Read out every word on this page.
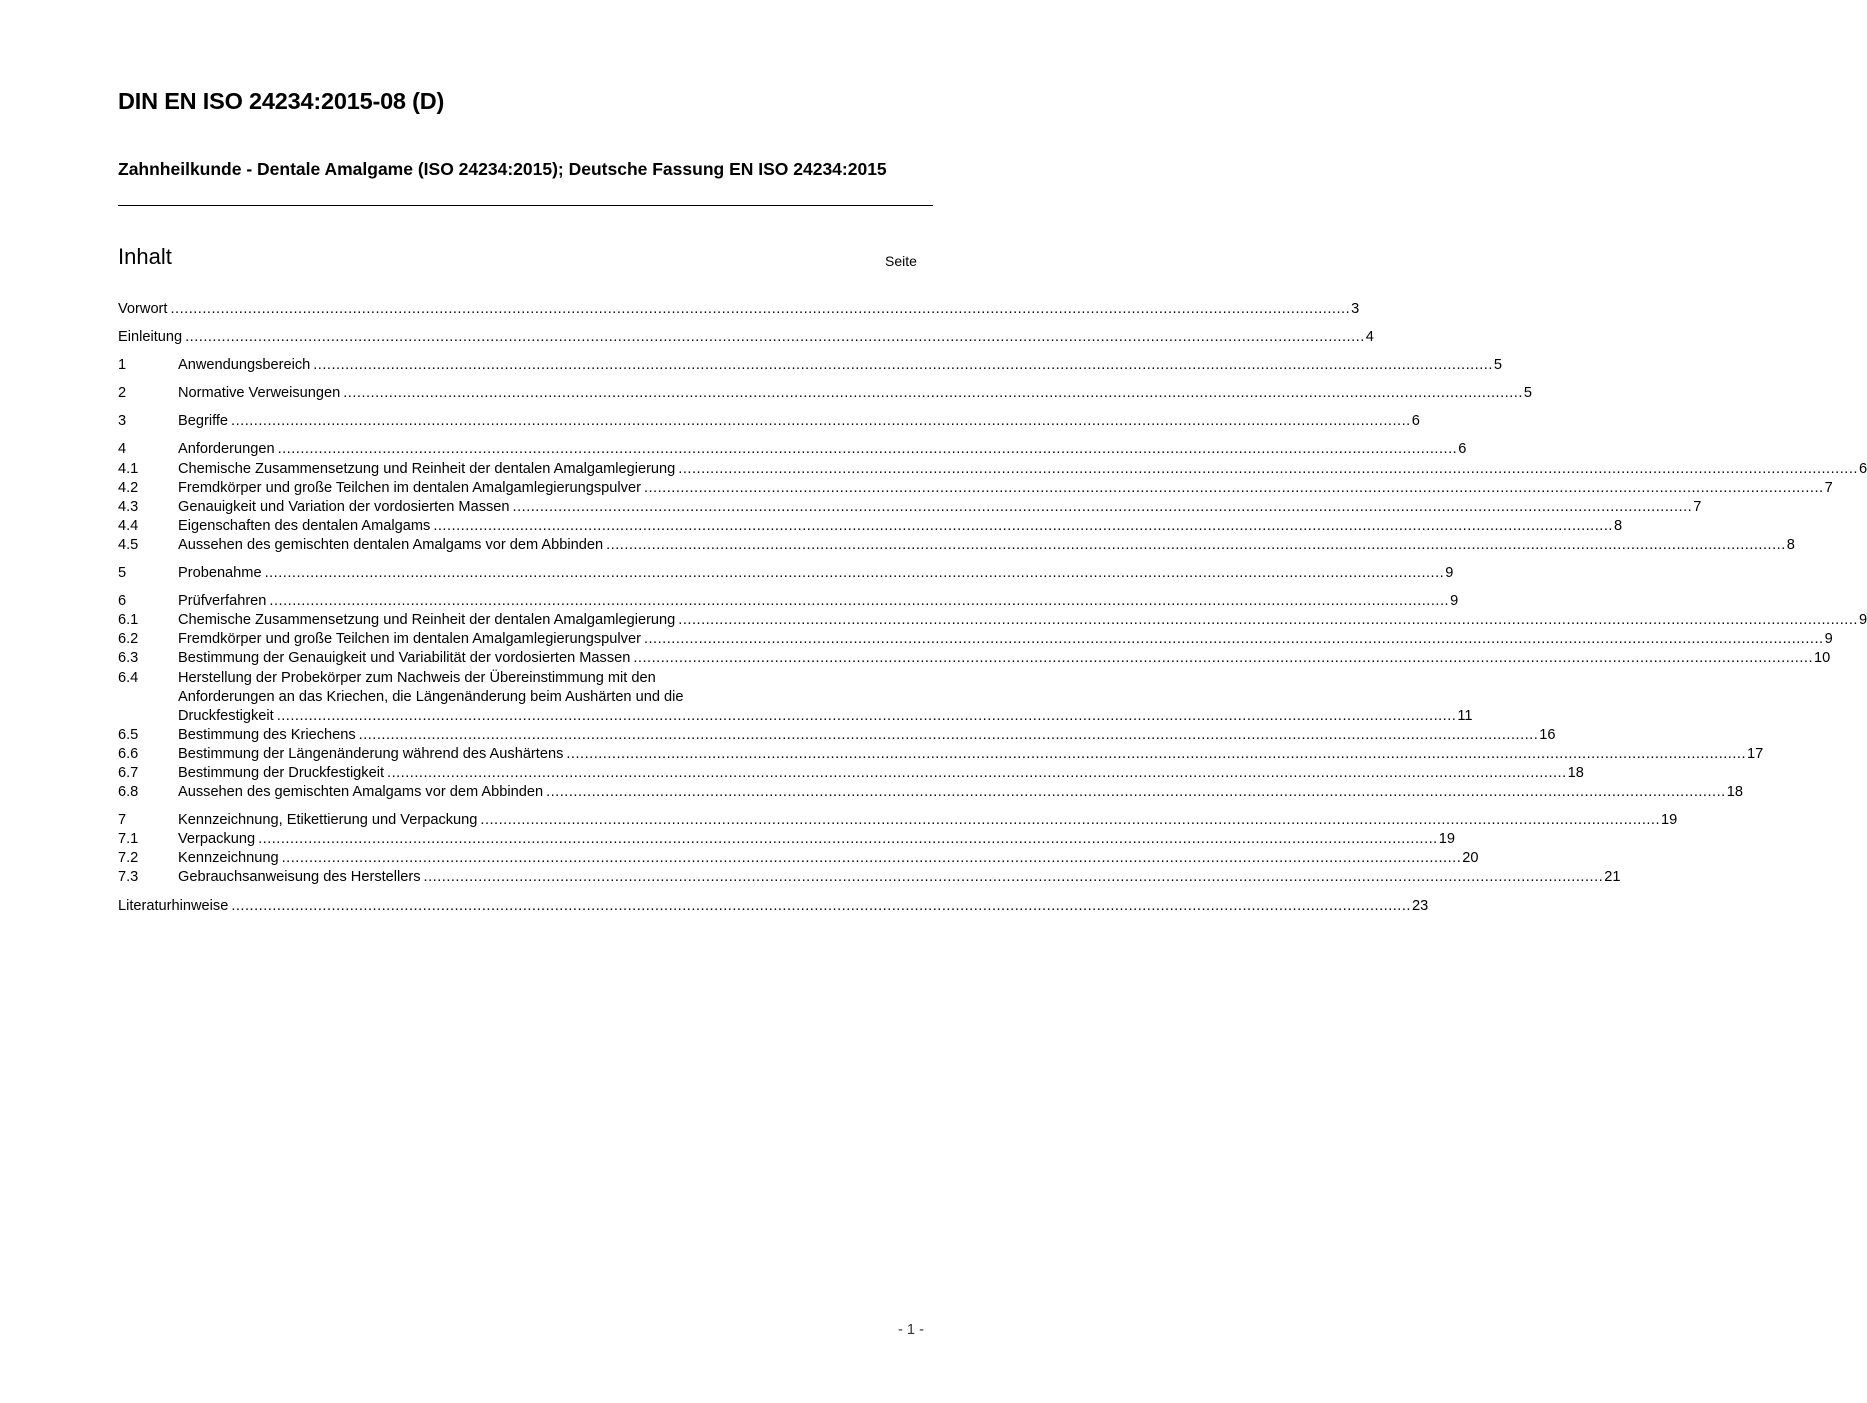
DIN EN ISO 24234:2015-08 (D)
Zahnheilkunde - Dentale Amalgame (ISO 24234:2015); Deutsche Fassung EN ISO 24234:2015
Inhalt	Seite
Vorwort .....	3
Einleitung .....	4
1	Anwendungsbereich .....	5
2	Normative Verweisungen .....	5
3	Begriffe .....	6
4	Anforderungen .....	6
4.1	Chemische Zusammensetzung und Reinheit der dentalen Amalgamlegierung .....	6
4.2	Fremdkörper und große Teilchen im dentalen Amalgamlegierungspulver .....	7
4.3	Genauigkeit und Variation der vordosierten Massen .....	7
4.4	Eigenschaften des dentalen Amalgams .....	8
4.5	Aussehen des gemischten dentalen Amalgams vor dem Abbinden .....	8
5	Probenahme .....	9
6	Prüfverfahren .....	9
6.1	Chemische Zusammensetzung und Reinheit der dentalen Amalgamlegierung .....	9
6.2	Fremdkörper und große Teilchen im dentalen Amalgamlegierungspulver .....	9
6.3	Bestimmung der Genauigkeit und Variabilität der vordosierten Massen .....	10
6.4	Herstellung der Probekörper zum Nachweis der Übereinstimmung mit den
Anforderungen an das Kriechen, die Längenänderung beim Aushärten und die
Druckfestigkeit .....	11
6.5	Bestimmung des Kriechens .....	16
6.6	Bestimmung der Längenänderung während des Aushärtens .....	17
6.7	Bestimmung der Druckfestigkeit .....	18
6.8	Aussehen des gemischten Amalgams vor dem Abbinden .....	18
7	Kennzeichnung, Etikettierung und Verpackung .....	19
7.1	Verpackung .....	19
7.2	Kennzeichnung .....	20
7.3	Gebrauchsanweisung des Herstellers .....	21
Literaturhinweise .....	23
- 1 -
